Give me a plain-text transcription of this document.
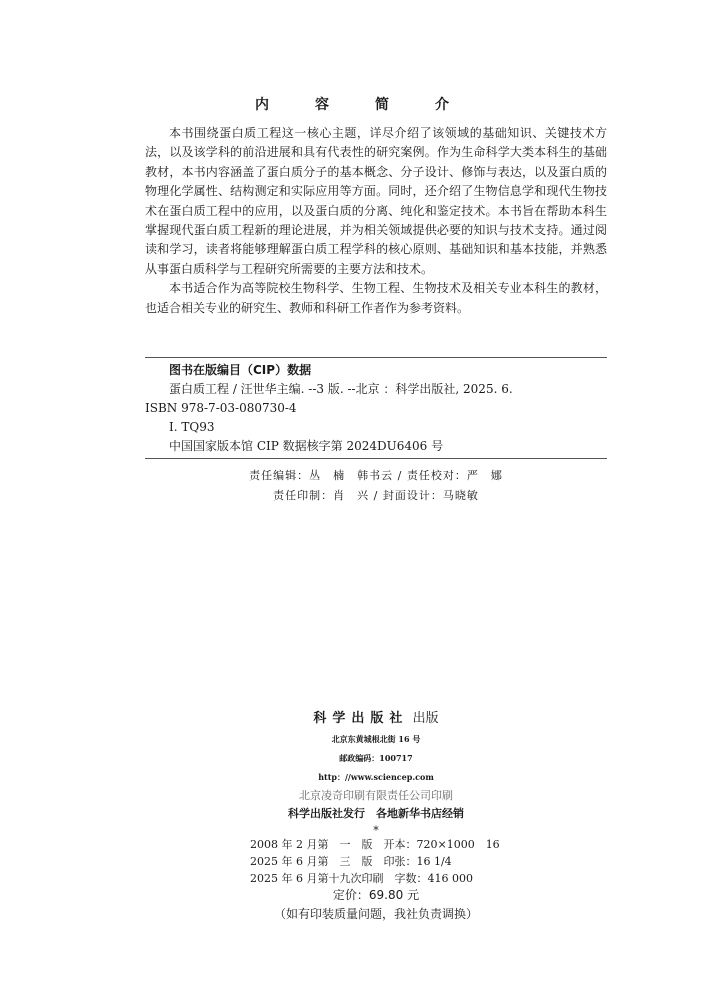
内　容　简　介

本书围绕蛋白质工程这一核心主题，详尽介绍了该领域的基础知识、关键技术方法，以及该学科的前沿进展和具有代表性的研究案例。作为生命科学大类本科生的基础教材，本书内容涵盖了蛋白质分子的基本概念、分子设计、修饰与表达，以及蛋白质的物理化学属性、结构测定和实际应用等方面。同时，还介绍了生物信息学和现代生物技术在蛋白质工程中的应用，以及蛋白质的分离、纯化和鉴定技术。本书旨在帮助本科生掌握现代蛋白质工程新的理论进展，并为相关领域提供必要的知识与技术支持。通过阅读和学习，读者将能够理解蛋白质工程学科的核心原则、基础知识和基本技能，并熟悉从事蛋白质科学与工程研究所需要的主要方法和技术。

本书适合作为高等院校生物科学、生物工程、生物技术及相关专业本科生的教材，也适合相关专业的研究生、教师和科研工作者作为参考资料。

图书在版编目（CIP）数据
蛋白质工程 / 汪世华主编. --3 版. --北京 ：科学出版社, 2025. 6.
ISBN 978-7-03-080730-4
Ⅰ. TQ93
中国国家版本馆 CIP 数据核字第 2024DU6406 号
责任编辑：丛　楠　韩书云 / 责任校对：严　娜
责任印制：肖　兴 / 封面设计：马晓敏
科学出版社 出版
北京东黄城根北街 16 号
邮政编码：100717
http：//www.sciencep.com
北京凌奇印刷有限责任公司印刷
科学出版社发行　各地新华书店经销
*
2008 年 2 月第　一　版　开本：720×1000　16
2025 年 6 月第　三　版　印张：16 1/4
2025 年 6 月第十九次印刷　字数：416 000
定价：69.80 元
（如有印装质量问题，我社负责调换）
